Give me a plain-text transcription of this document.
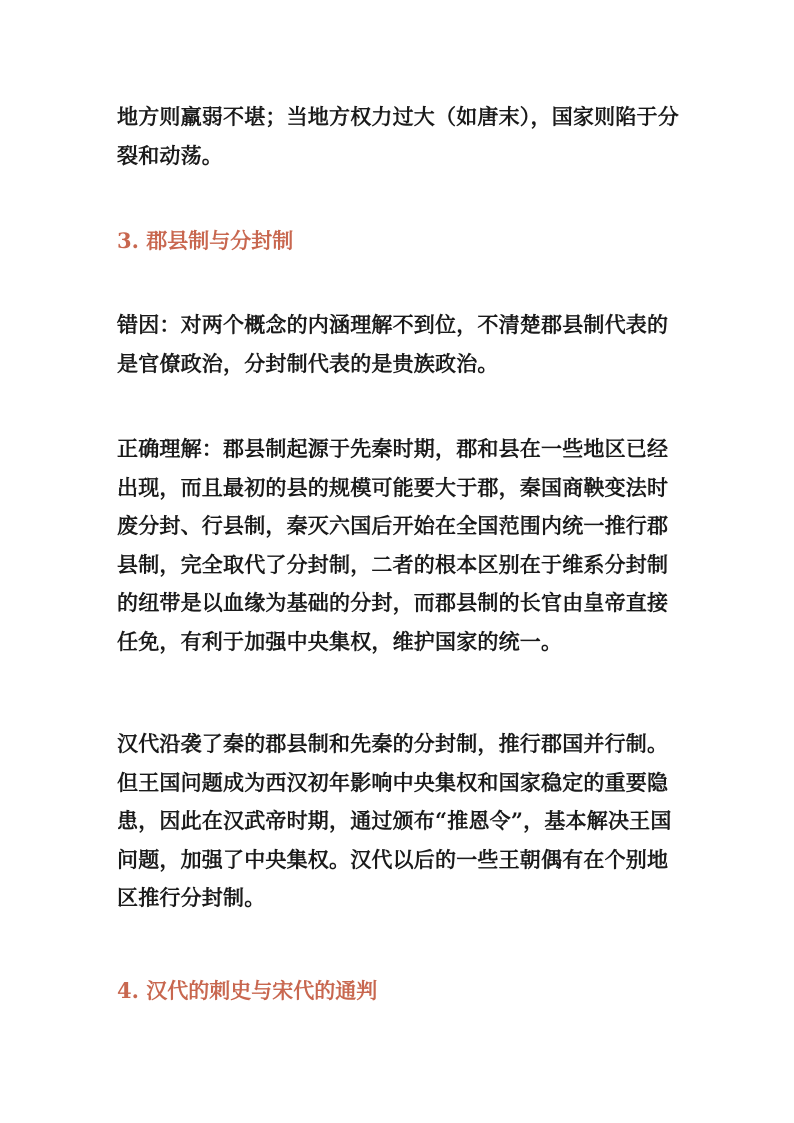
地方则羸弱不堪；当地方权力过大（如唐末），国家则陷于分裂和动荡。

3. 郡县制与分封制

错因：对两个概念的内涵理解不到位，不清楚郡县制代表的是官僚政治，分封制代表的是贵族政治。

正确理解：郡县制起源于先秦时期，郡和县在一些地区已经出现，而且最初的县的规模可能要大于郡，秦国商鞅变法时废分封、行县制，秦灭六国后开始在全国范围内统一推行郡县制，完全取代了分封制，二者的根本区别在于维系分封制的纽带是以血缘为基础的分封，而郡县制的长官由皇帝直接任免，有利于加强中央集权，维护国家的统一。

汉代沿袭了秦的郡县制和先秦的分封制，推行郡国并行制。但王国问题成为西汉初年影响中央集权和国家稳定的重要隐患，因此在汉武帝时期，通过颁布“推恩令”，基本解决王国问题，加强了中央集权。汉代以后的一些王朝偶有在个别地区推行分封制。

4. 汉代的刺史与宋代的通判
